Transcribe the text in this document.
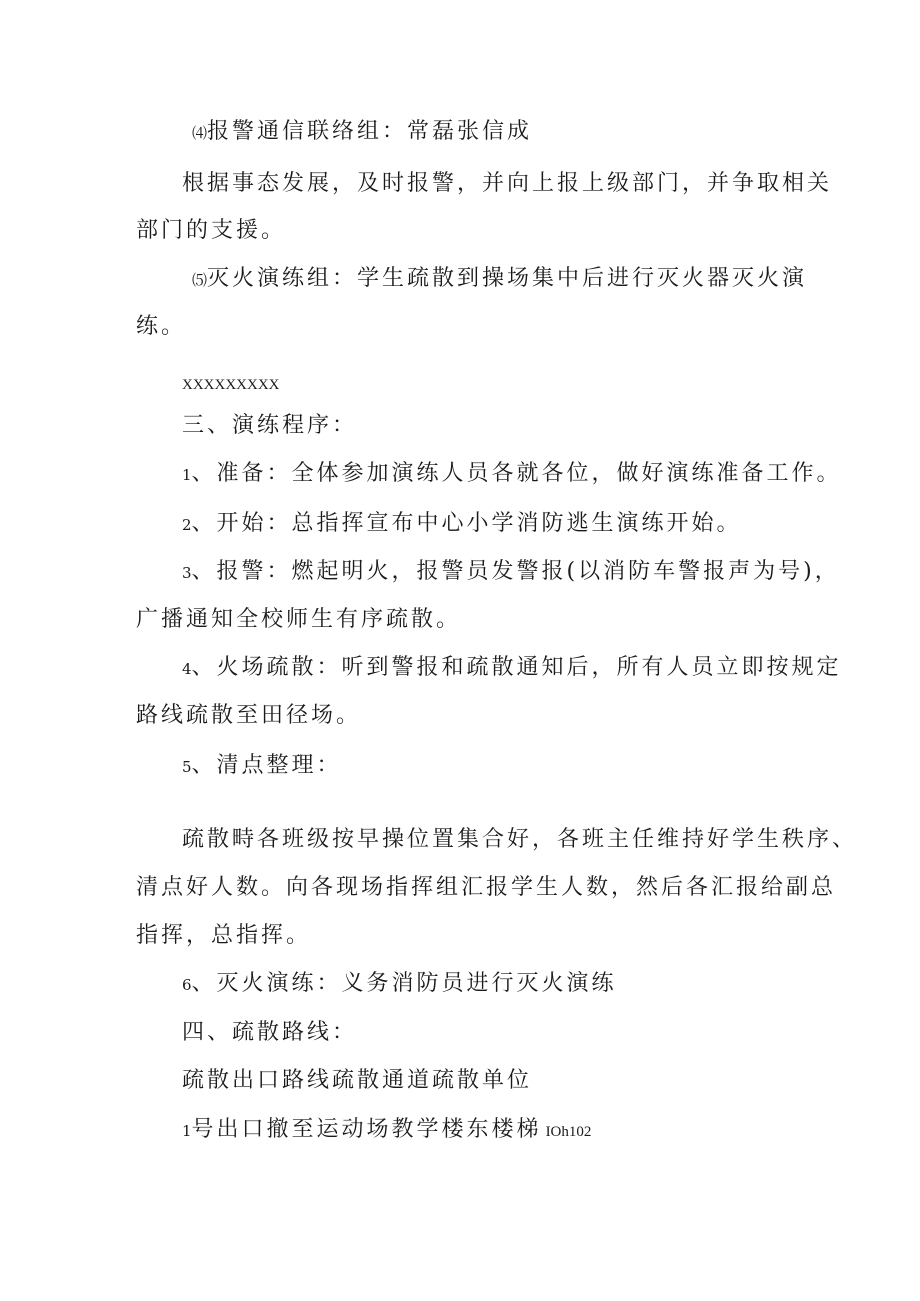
⑷报警通信联络组：常磊张信成
根据事态发展，及时报警，并向上报上级部门，并争取相关
部门的支援。
⑸灭火演练组：学生疏散到操场集中后进行灭火器灭火演
练。
XXXXXXXXX
三、演练程序：
1、准备：全体参加演练人员各就各位，做好演练准备工作。
2、开始：总指挥宣布中心小学消防逃生演练开始。
3、报警：燃起明火，报警员发警报(以消防车警报声为号)，
广播通知全校师生有序疏散。
4、火场疏散：听到警报和疏散通知后，所有人员立即按规定
路线疏散至田径场。
5、清点整理：
疏散畤各班级按早操位置集合好，各班主任维持好学生秩序、
清点好人数。向各现场指挥组汇报学生人数，然后各汇报给副总
指挥，总指挥。
6、灭火演练：义务消防员进行灭火演练
四、疏散路线：
疏散出口路线疏散通道疏散单位
1号出口撤至运动场教学楼东楼梯 IOh102
